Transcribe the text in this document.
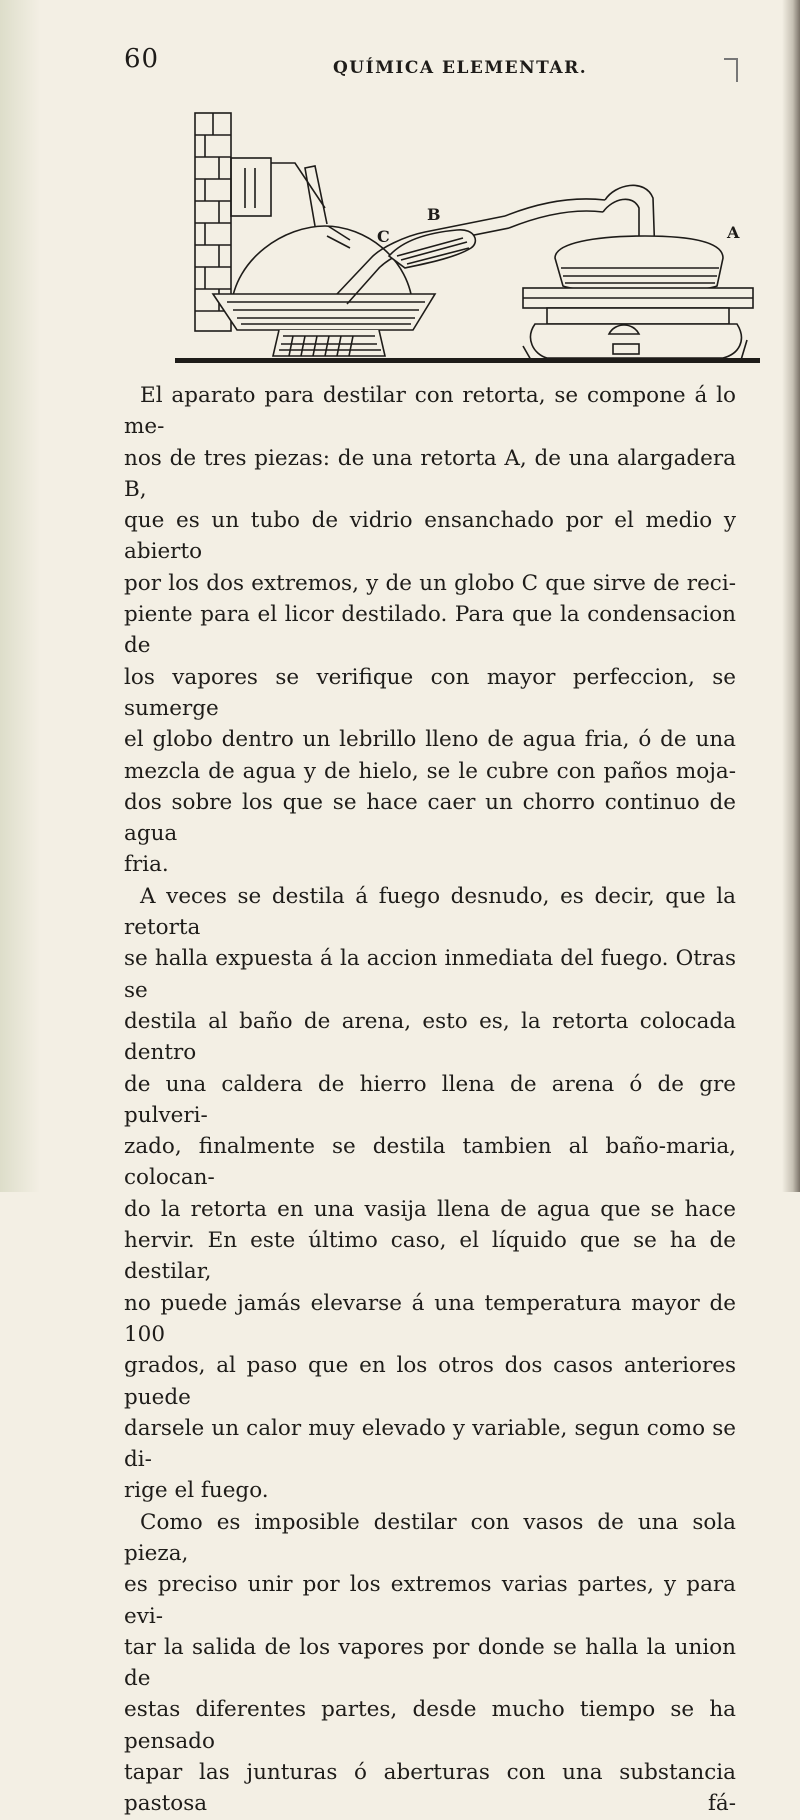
60	QUÍMICA ELEMENTAR.
C
B
A

El aparato para destilar con retorta, se compone á lo me-

nos de tres piezas: de una retorta A, de una alargadera B,

que es un tubo de vidrio ensanchado por el medio y abierto

por los dos extremos, y de un globo C que sirve de reci-

piente para el licor destilado. Para que la condensacion de

los vapores se verifique con mayor perfeccion, se sumerge

el globo dentro un lebrillo lleno de agua fria, ó de una

mezcla de agua y de hielo, se le cubre con paños moja-

dos sobre los que se hace caer un chorro continuo de agua

fria.

A veces se destila á fuego desnudo, es decir, que la retorta

se halla expuesta á la accion inmediata del fuego. Otras se

destila al baño de arena, esto es, la retorta colocada dentro

de una caldera de hierro llena de arena ó de gre pulveri-

zado, finalmente se destila tambien al baño-maria, colocan-

do la retorta en una vasija llena de agua que se hace

hervir. En este último caso, el líquido que se ha de destilar,

no puede jamás elevarse á una temperatura mayor de 100

grados, al paso que en los otros dos casos anteriores puede

darsele un calor muy elevado y variable, segun como se di-

rige el fuego.

Como es imposible destilar con vasos de una sola pieza,

es preciso unir por los extremos varias partes, y para evi-

tar la salida de los vapores por donde se halla la union de

estas diferentes partes, desde mucho tiempo se ha pensado

tapar las junturas ó aberturas con una substancia pastosa fá-
